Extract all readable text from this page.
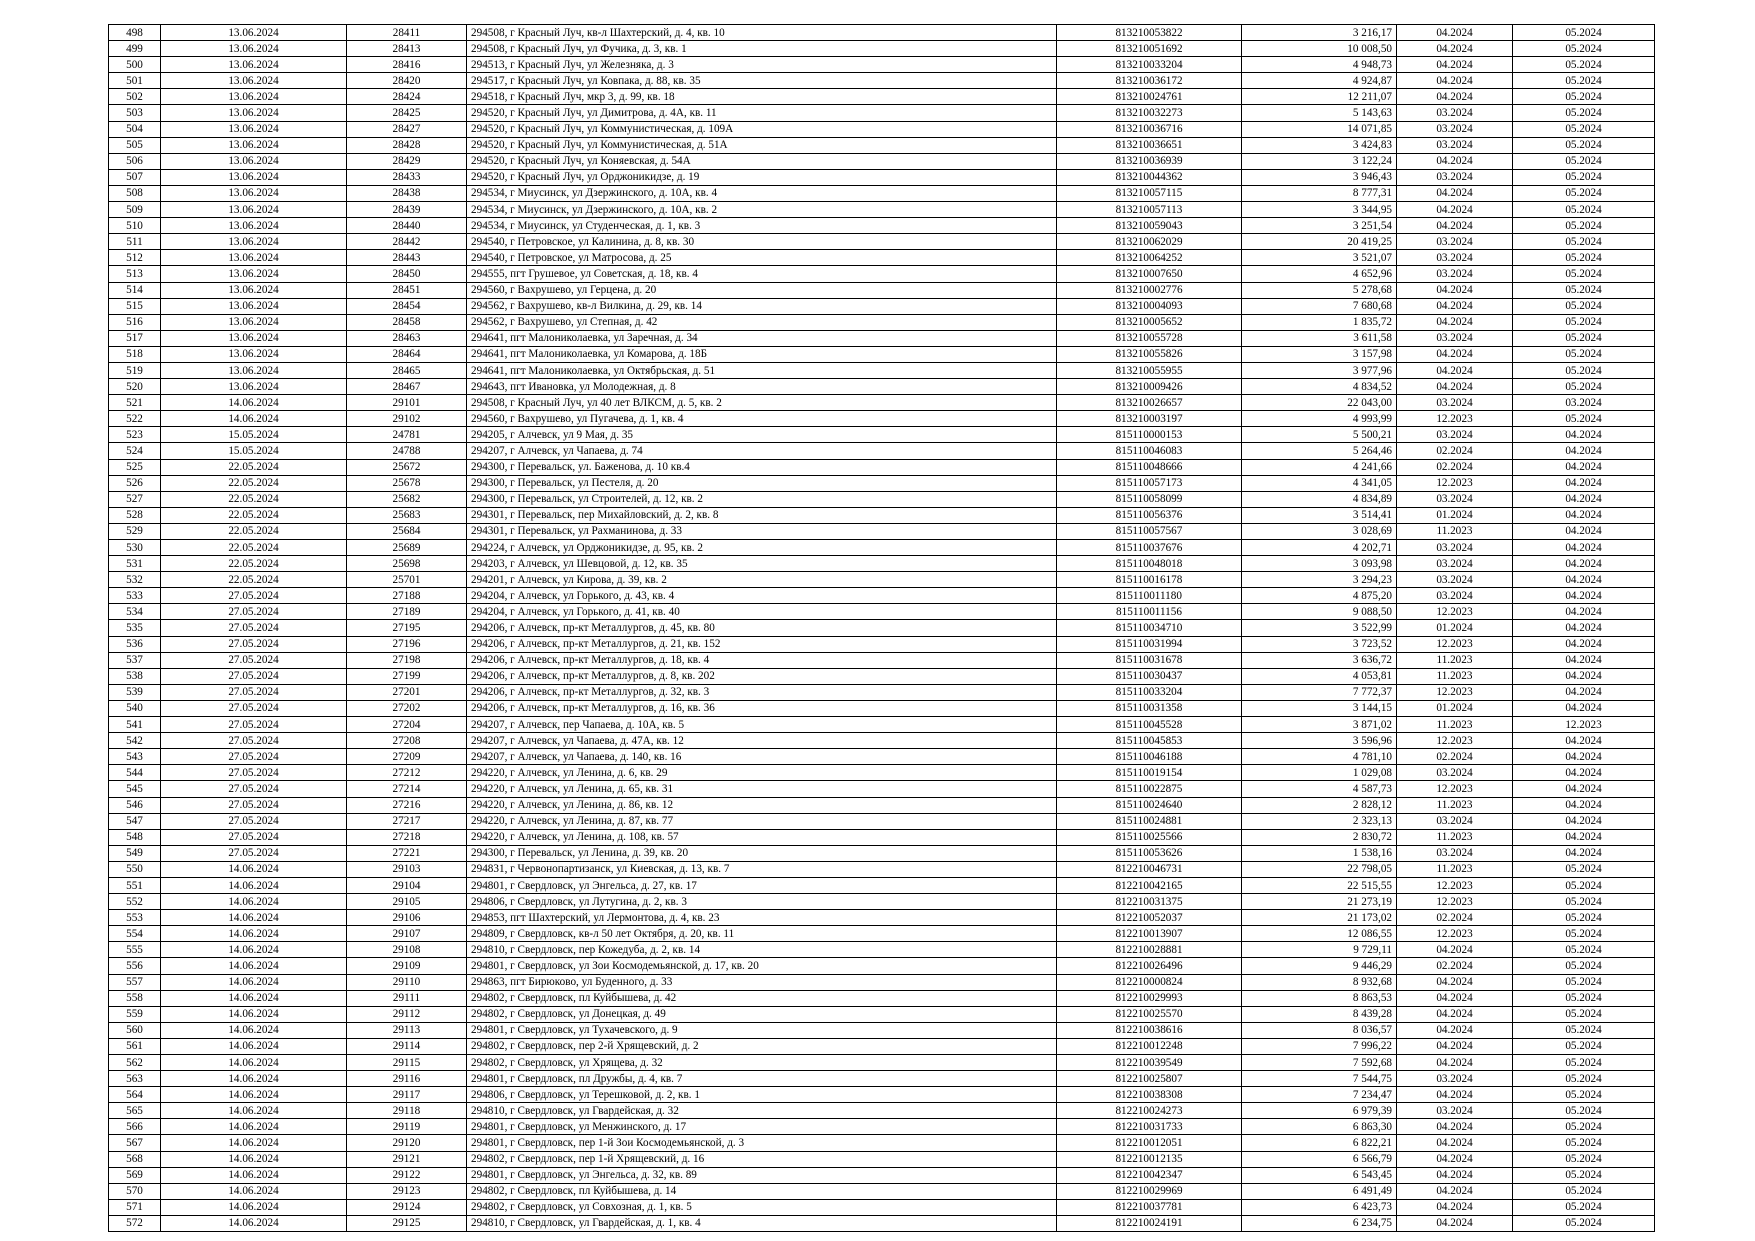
498	13.06.2024	28411	294508, г Красный Луч, кв-л Шахтерский, д. 4, кв. 10	813210053822	3 216,17	04.2024	05.2024
499	13.06.2024	28413	294508, г Красный Луч, ул Фучика, д. 3, кв. 1	813210051692	10 008,50	04.2024	05.2024
500	13.06.2024	28416	294513, г Красный Луч, ул Железняка, д. 3	813210033204	4 948,73	04.2024	05.2024
501	13.06.2024	28420	294517, г Красный Луч, ул Ковпака, д. 88, кв. 35	813210036172	4 924,87	04.2024	05.2024
502	13.06.2024	28424	294518, г Красный Луч, мкр 3, д. 99, кв. 18	813210024761	12 211,07	04.2024	05.2024
503	13.06.2024	28425	294520, г Красный Луч, ул Димитрова, д. 4А, кв. 11	813210032273	5 143,63	03.2024	05.2024
504	13.06.2024	28427	294520, г Красный Луч, ул Коммунистическая, д. 109А	813210036716	14 071,85	03.2024	05.2024
505	13.06.2024	28428	294520, г Красный Луч, ул Коммунистическая, д. 51А	813210036651	3 424,83	03.2024	05.2024
506	13.06.2024	28429	294520, г Красный Луч, ул Коняевская, д. 54А	813210036939	3 122,24	04.2024	05.2024
507	13.06.2024	28433	294520, г Красный Луч, ул Орджоникидзе, д. 19	813210044362	3 946,43	03.2024	05.2024
508	13.06.2024	28438	294534, г Миусинск, ул Дзержинского, д. 10А, кв. 4	813210057115	8 777,31	04.2024	05.2024
509	13.06.2024	28439	294534, г Миусинск, ул Дзержинского, д. 10А, кв. 2	813210057113	3 344,95	04.2024	05.2024
510	13.06.2024	28440	294534, г Миусинск, ул Студенческая, д. 1, кв. 3	813210059043	3 251,54	04.2024	05.2024
511	13.06.2024	28442	294540, г Петровское, ул Калинина, д. 8, кв. 30	813210062029	20 419,25	03.2024	05.2024
512	13.06.2024	28443	294540, г Петровское, ул Матросова, д. 25	813210064252	3 521,07	03.2024	05.2024
513	13.06.2024	28450	294555, пгт Грушевое, ул Советская, д. 18, кв. 4	813210007650	4 652,96	03.2024	05.2024
514	13.06.2024	28451	294560, г Вахрушево, ул Герцена, д. 20	813210002776	5 278,68	04.2024	05.2024
515	13.06.2024	28454	294562, г Вахрушево, кв-л Вилкина, д. 29, кв. 14	813210004093	7 680,68	04.2024	05.2024
516	13.06.2024	28458	294562, г Вахрушево, ул Степная, д. 42	813210005652	1 835,72	04.2024	05.2024
517	13.06.2024	28463	294641, пгт Малониколаевка, ул Заречная, д. 34	813210055728	3 611,58	03.2024	05.2024
518	13.06.2024	28464	294641, пгт Малониколаевка, ул Комарова, д. 18Б	813210055826	3 157,98	04.2024	05.2024
519	13.06.2024	28465	294641, пгт Малониколаевка, ул Октябрьская, д. 51	813210055955	3 977,96	04.2024	05.2024
520	13.06.2024	28467	294643, пгт Ивановка, ул Молодежная, д. 8	813210009426	4 834,52	04.2024	05.2024
521	14.06.2024	29101	294508, г Красный Луч, ул 40 лет ВЛКСМ, д. 5, кв. 2	813210026657	22 043,00	03.2024	03.2024
522	14.06.2024	29102	294560, г Вахрушево, ул Пугачева, д. 1, кв. 4	813210003197	4 993,99	12.2023	05.2024
523	15.05.2024	24781	294205, г Алчевск, ул 9 Мая, д. 35	815110000153	5 500,21	03.2024	04.2024
524	15.05.2024	24788	294207, г Алчевск, ул Чапаева, д. 74	815110046083	5 264,46	02.2024	04.2024
525	22.05.2024	25672	294300, г Перевальск, ул. Баженова, д. 10 кв.4	815110048666	4 241,66	02.2024	04.2024
526	22.05.2024	25678	294300, г Перевальск, ул Пестеля, д. 20	815110057173	4 341,05	12.2023	04.2024
527	22.05.2024	25682	294300, г Перевальск, ул Строителей, д. 12, кв. 2	815110058099	4 834,89	03.2024	04.2024
528	22.05.2024	25683	294301, г Перевальск, пер Михайловский, д. 2, кв. 8	815110056376	3 514,41	01.2024	04.2024
529	22.05.2024	25684	294301, г Перевальск, ул Рахманинова, д. 33	815110057567	3 028,69	11.2023	04.2024
530	22.05.2024	25689	294224, г Алчевск, ул Орджоникидзе, д. 95, кв. 2	815110037676	4 202,71	03.2024	04.2024
531	22.05.2024	25698	294203, г Алчевск, ул Шевцовой, д. 12, кв. 35	815110048018	3 093,98	03.2024	04.2024
532	22.05.2024	25701	294201, г Алчевск, ул Кирова, д. 39, кв. 2	815110016178	3 294,23	03.2024	04.2024
533	27.05.2024	27188	294204, г Алчевск, ул Горького, д. 43, кв. 4	815110011180	4 875,20	03.2024	04.2024
534	27.05.2024	27189	294204, г Алчевск, ул Горького, д. 41, кв. 40	815110011156	9 088,50	12.2023	04.2024
535	27.05.2024	27195	294206, г Алчевск, пр-кт Металлургов, д. 45, кв. 80	815110034710	3 522,99	01.2024	04.2024
536	27.05.2024	27196	294206, г Алчевск, пр-кт Металлургов, д. 21, кв. 152	815110031994	3 723,52	12.2023	04.2024
537	27.05.2024	27198	294206, г Алчевск, пр-кт Металлургов, д. 18, кв. 4	815110031678	3 636,72	11.2023	04.2024
538	27.05.2024	27199	294206, г Алчевск, пр-кт Металлургов, д. 8, кв. 202	815110030437	4 053,81	11.2023	04.2024
539	27.05.2024	27201	294206, г Алчевск, пр-кт Металлургов, д. 32, кв. 3	815110033204	7 772,37	12.2023	04.2024
540	27.05.2024	27202	294206, г Алчевск, пр-кт Металлургов, д. 16, кв. 36	815110031358	3 144,15	01.2024	04.2024
541	27.05.2024	27204	294207, г Алчевск, пер Чапаева, д. 10А, кв. 5	815110045528	3 871,02	11.2023	12.2023
542	27.05.2024	27208	294207, г Алчевск, ул Чапаева, д. 47А, кв. 12	815110045853	3 596,96	12.2023	04.2024
543	27.05.2024	27209	294207, г Алчевск, ул Чапаева, д. 140, кв. 16	815110046188	4 781,10	02.2024	04.2024
544	27.05.2024	27212	294220, г Алчевск, ул Ленина, д. 6, кв. 29	815110019154	1 029,08	03.2024	04.2024
545	27.05.2024	27214	294220, г Алчевск, ул Ленина, д. 65, кв. 31	815110022875	4 587,73	12.2023	04.2024
546	27.05.2024	27216	294220, г Алчевск, ул Ленина, д. 86, кв. 12	815110024640	2 828,12	11.2023	04.2024
547	27.05.2024	27217	294220, г Алчевск, ул Ленина, д. 87, кв. 77	815110024881	2 323,13	03.2024	04.2024
548	27.05.2024	27218	294220, г Алчевск, ул Ленина, д. 108, кв. 57	815110025566	2 830,72	11.2023	04.2024
549	27.05.2024	27221	294300, г Перевальск, ул Ленина, д. 39, кв. 20	815110053626	1 538,16	03.2024	04.2024
550	14.06.2024	29103	294831, г Червонопартизанск, ул Киевская, д. 13, кв. 7	812210046731	22 798,05	11.2023	05.2024
551	14.06.2024	29104	294801, г Свердловск, ул Энгельса, д. 27, кв. 17	812210042165	22 515,55	12.2023	05.2024
552	14.06.2024	29105	294806, г Свердловск, ул Лутугина, д. 2, кв. 3	812210031375	21 273,19	12.2023	05.2024
553	14.06.2024	29106	294853, пгт Шахтерский, ул Лермонтова, д. 4, кв. 23	812210052037	21 173,02	02.2024	05.2024
554	14.06.2024	29107	294809, г Свердловск, кв-л 50 лет Октября, д. 20, кв. 11	812210013907	12 086,55	12.2023	05.2024
555	14.06.2024	29108	294810, г Свердловск, пер Кожедуба, д. 2, кв. 14	812210028881	9 729,11	04.2024	05.2024
556	14.06.2024	29109	294801, г Свердловск, ул Зои Космодемьянской, д. 17, кв. 20	812210026496	9 446,29	02.2024	05.2024
557	14.06.2024	29110	294863, пгт Бирюково, ул Буденного, д. 33	812210000824	8 932,68	04.2024	05.2024
558	14.06.2024	29111	294802, г Свердловск, пл Куйбышева, д. 42	812210029993	8 863,53	04.2024	05.2024
559	14.06.2024	29112	294802, г Свердловск, ул Донецкая, д. 49	812210025570	8 439,28	04.2024	05.2024
560	14.06.2024	29113	294801, г Свердловск, ул Тухачевского, д. 9	812210038616	8 036,57	04.2024	05.2024
561	14.06.2024	29114	294802, г Свердловск, пер 2-й Хрящевский, д. 2	812210012248	7 996,22	04.2024	05.2024
562	14.06.2024	29115	294802, г Свердловск, ул Хрящева, д. 32	812210039549	7 592,68	04.2024	05.2024
563	14.06.2024	29116	294801, г Свердловск, пл Дружбы, д. 4, кв. 7	812210025807	7 544,75	03.2024	05.2024
564	14.06.2024	29117	294806, г Свердловск, ул Терешковой, д. 2, кв. 1	812210038308	7 234,47	04.2024	05.2024
565	14.06.2024	29118	294810, г Свердловск, ул Гвардейская, д. 32	812210024273	6 979,39	03.2024	05.2024
566	14.06.2024	29119	294801, г Свердловск, ул Менжинского, д. 17	812210031733	6 863,30	04.2024	05.2024
567	14.06.2024	29120	294801, г Свердловск, пер 1-й Зои Космодемьянской, д. 3	812210012051	6 822,21	04.2024	05.2024
568	14.06.2024	29121	294802, г Свердловск, пер 1-й Хрящевский, д. 16	812210012135	6 566,79	04.2024	05.2024
569	14.06.2024	29122	294801, г Свердловск, ул Энгельса, д. 32, кв. 89	812210042347	6 543,45	04.2024	05.2024
570	14.06.2024	29123	294802, г Свердловск, пл Куйбышева, д. 14	812210029969	6 491,49	04.2024	05.2024
571	14.06.2024	29124	294802, г Свердловск, ул Совхозная, д. 1, кв. 5	812210037781	6 423,73	04.2024	05.2024
572	14.06.2024	29125	294810, г Свердловск, ул Гвардейская, д. 1, кв. 4	812210024191	6 234,75	04.2024	05.2024
